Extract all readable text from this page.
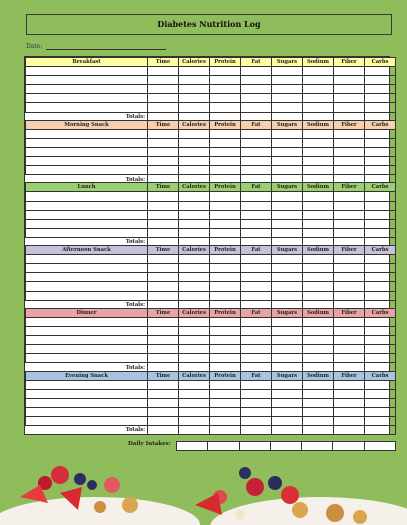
Diabetes Nutrition Log
Date:
Breakfast	Time	Calories	Protein	Fat	Sugars	Sodium	Fiber	Carbs

Totals:								
Morning Snack	Time	Calories	Protein	Fat	Sugars	Sodium	Fiber	Carbs

Totals:								
Lunch	Time	Calories	Protein	Fat	Sugars	Sodium	Fiber	Carbs

Totals:								
Afternoon Snack	Time	Calories	Protein	Fat	Sugars	Sodium	Fiber	Carbs

Totals:								
Dinner	Time	Calories	Protein	Fat	Sugars	Sodium	Fiber	Carbs

Totals:								
Evening Snack	Time	Calories	Protein	Fat	Sugars	Sodium	Fiber	Carbs

Totals:								
Daily Intakes:
